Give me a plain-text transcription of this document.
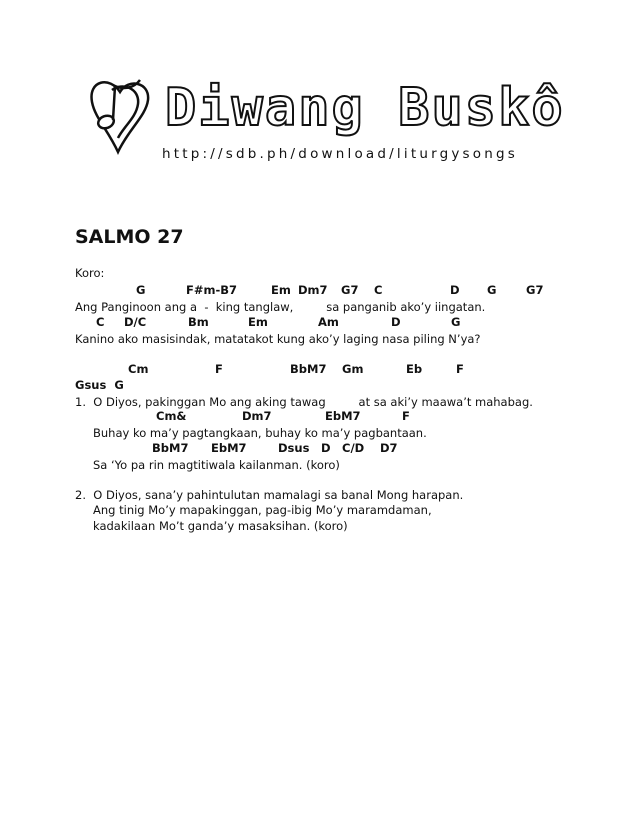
Diwang Buskô
http://sdb.ph/download/liturgysongs
SALMO 27
Koro:
G	F#m-B7	Em Dm7 G7 C	D G	G7
Ang Panginoon ang a  -  king tanglaw,         sa panganib ako’y iingatan.
C D/C	Bm	Em	Am	D	G
Kanino ako masisindak, matatakot kung ako’y laging nasa piling N’ya?
Cm	F	BbM7 Gm	Eb	F
Gsus  G
1.  O Diyos, pakinggan Mo ang aking tawag         at sa aki’y maawa’t mahabag.
Cm&	Dm7	EbM7	F
Buhay ko ma’y pagtangkaan, buhay ko ma’y pagbantaan.
BbM7 EbM7	Dsus D C/D D7
Sa ‘Yo pa rin magtitiwala kailanman. (koro)
2.  O Diyos, sana’y pahintulutan mamalagi sa banal Mong harapan.
Ang tinig Mo’y mapakinggan, pag-ibig Mo’y maramdaman,
kadakilaan Mo’t ganda’y masaksihan. (koro)
